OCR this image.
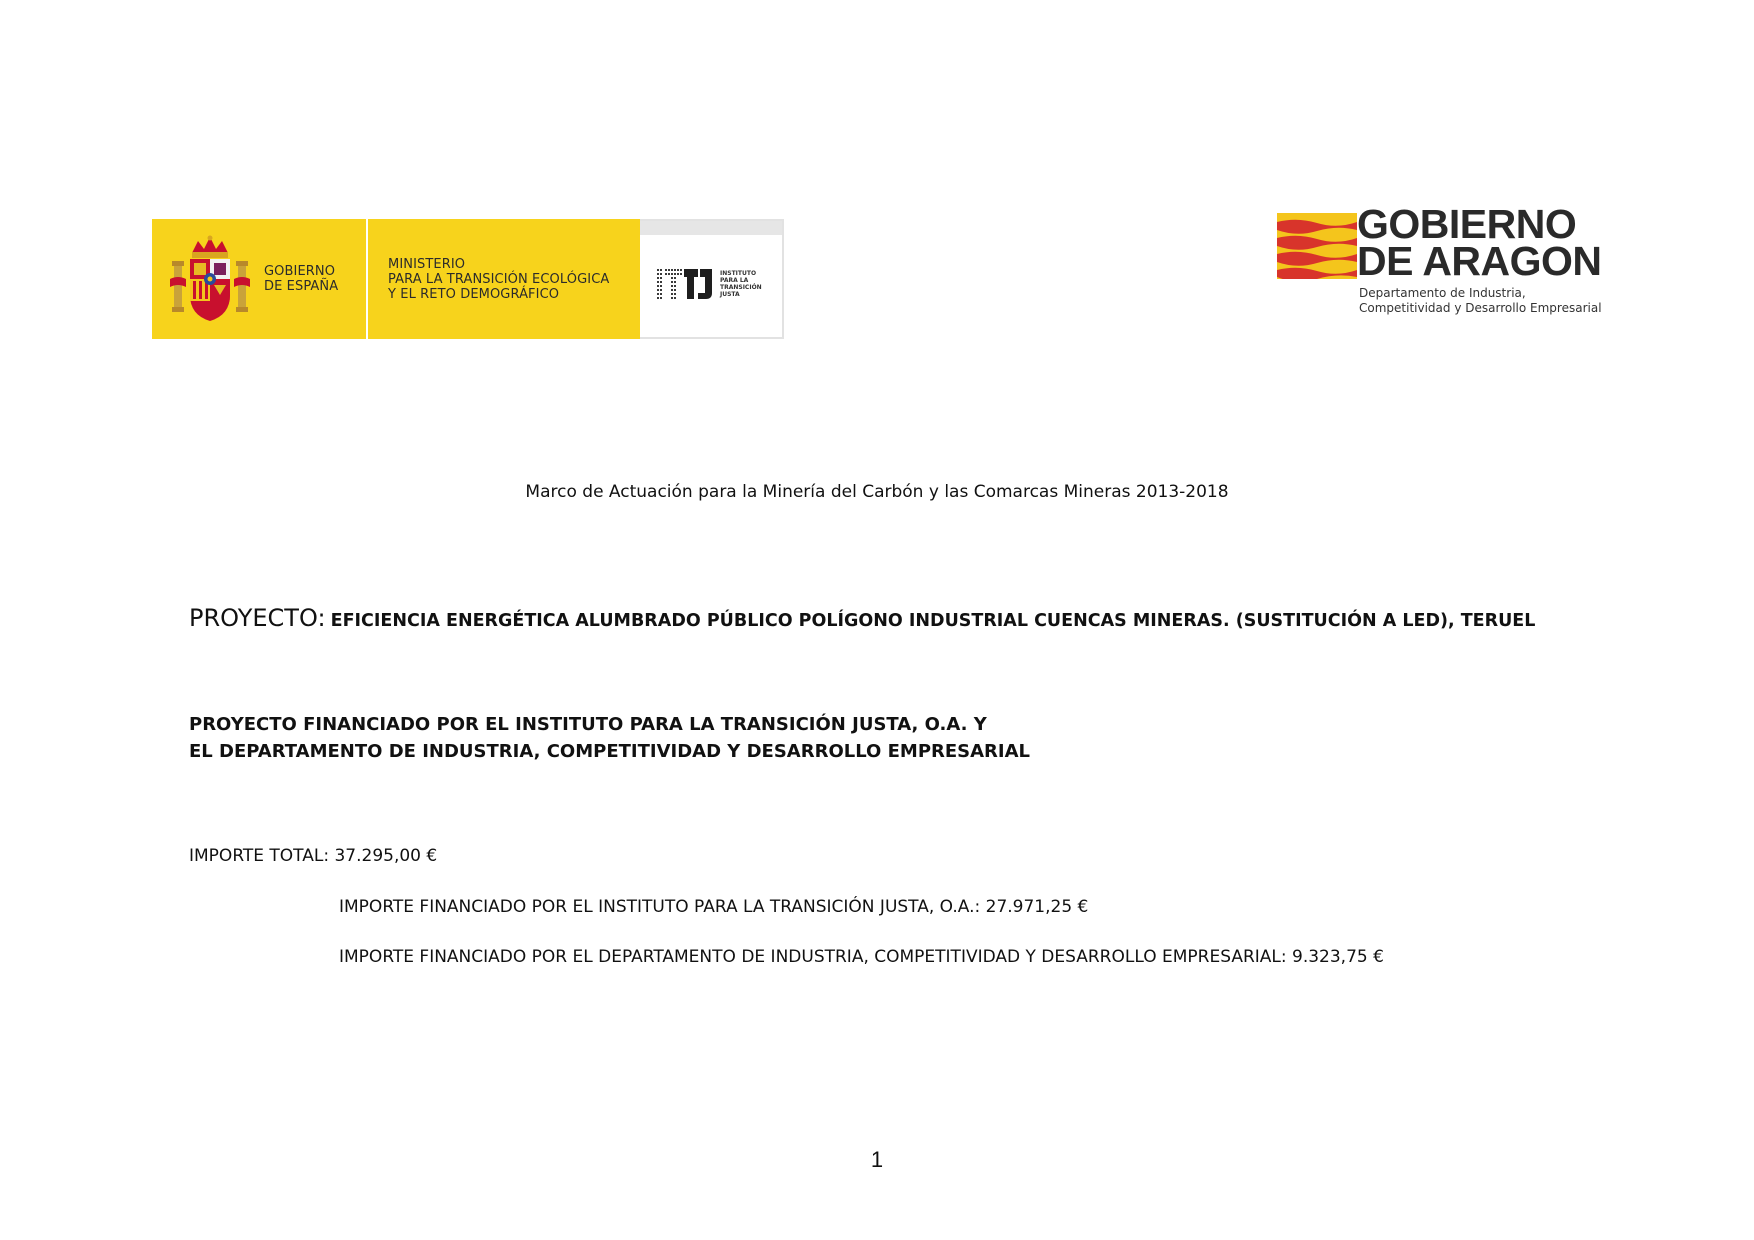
GOBIERNO
DE ESPAÑA
MINISTERIO
PARA LA TRANSICIÓN ECOLÓGICA
Y EL RETO DEMOGRÁFICO
INSTITUTO
PARA LA
TRANSICIÓN
JUSTA
GOBIERNO
DE ARAGON
Departamento de Industria,
Competitividad y Desarrollo Empresarial
Marco de Actuación para la Minería del Carbón y las Comarcas Mineras 2013-2018
PROYECTO: EFICIENCIA ENERGÉTICA ALUMBRADO PÚBLICO POLÍGONO INDUSTRIAL CUENCAS MINERAS. (SUSTITUCIÓN A LED), TERUEL
PROYECTO FINANCIADO POR EL INSTITUTO PARA LA TRANSICIÓN JUSTA, O.A. Y
EL DEPARTAMENTO DE INDUSTRIA, COMPETITIVIDAD Y DESARROLLO EMPRESARIAL
IMPORTE TOTAL: 37.295,00 €
IMPORTE FINANCIADO POR EL INSTITUTO PARA LA TRANSICIÓN JUSTA, O.A.: 27.971,25 €
IMPORTE FINANCIADO POR EL DEPARTAMENTO DE INDUSTRIA, COMPETITIVIDAD Y DESARROLLO EMPRESARIAL: 9.323,75 €
1
